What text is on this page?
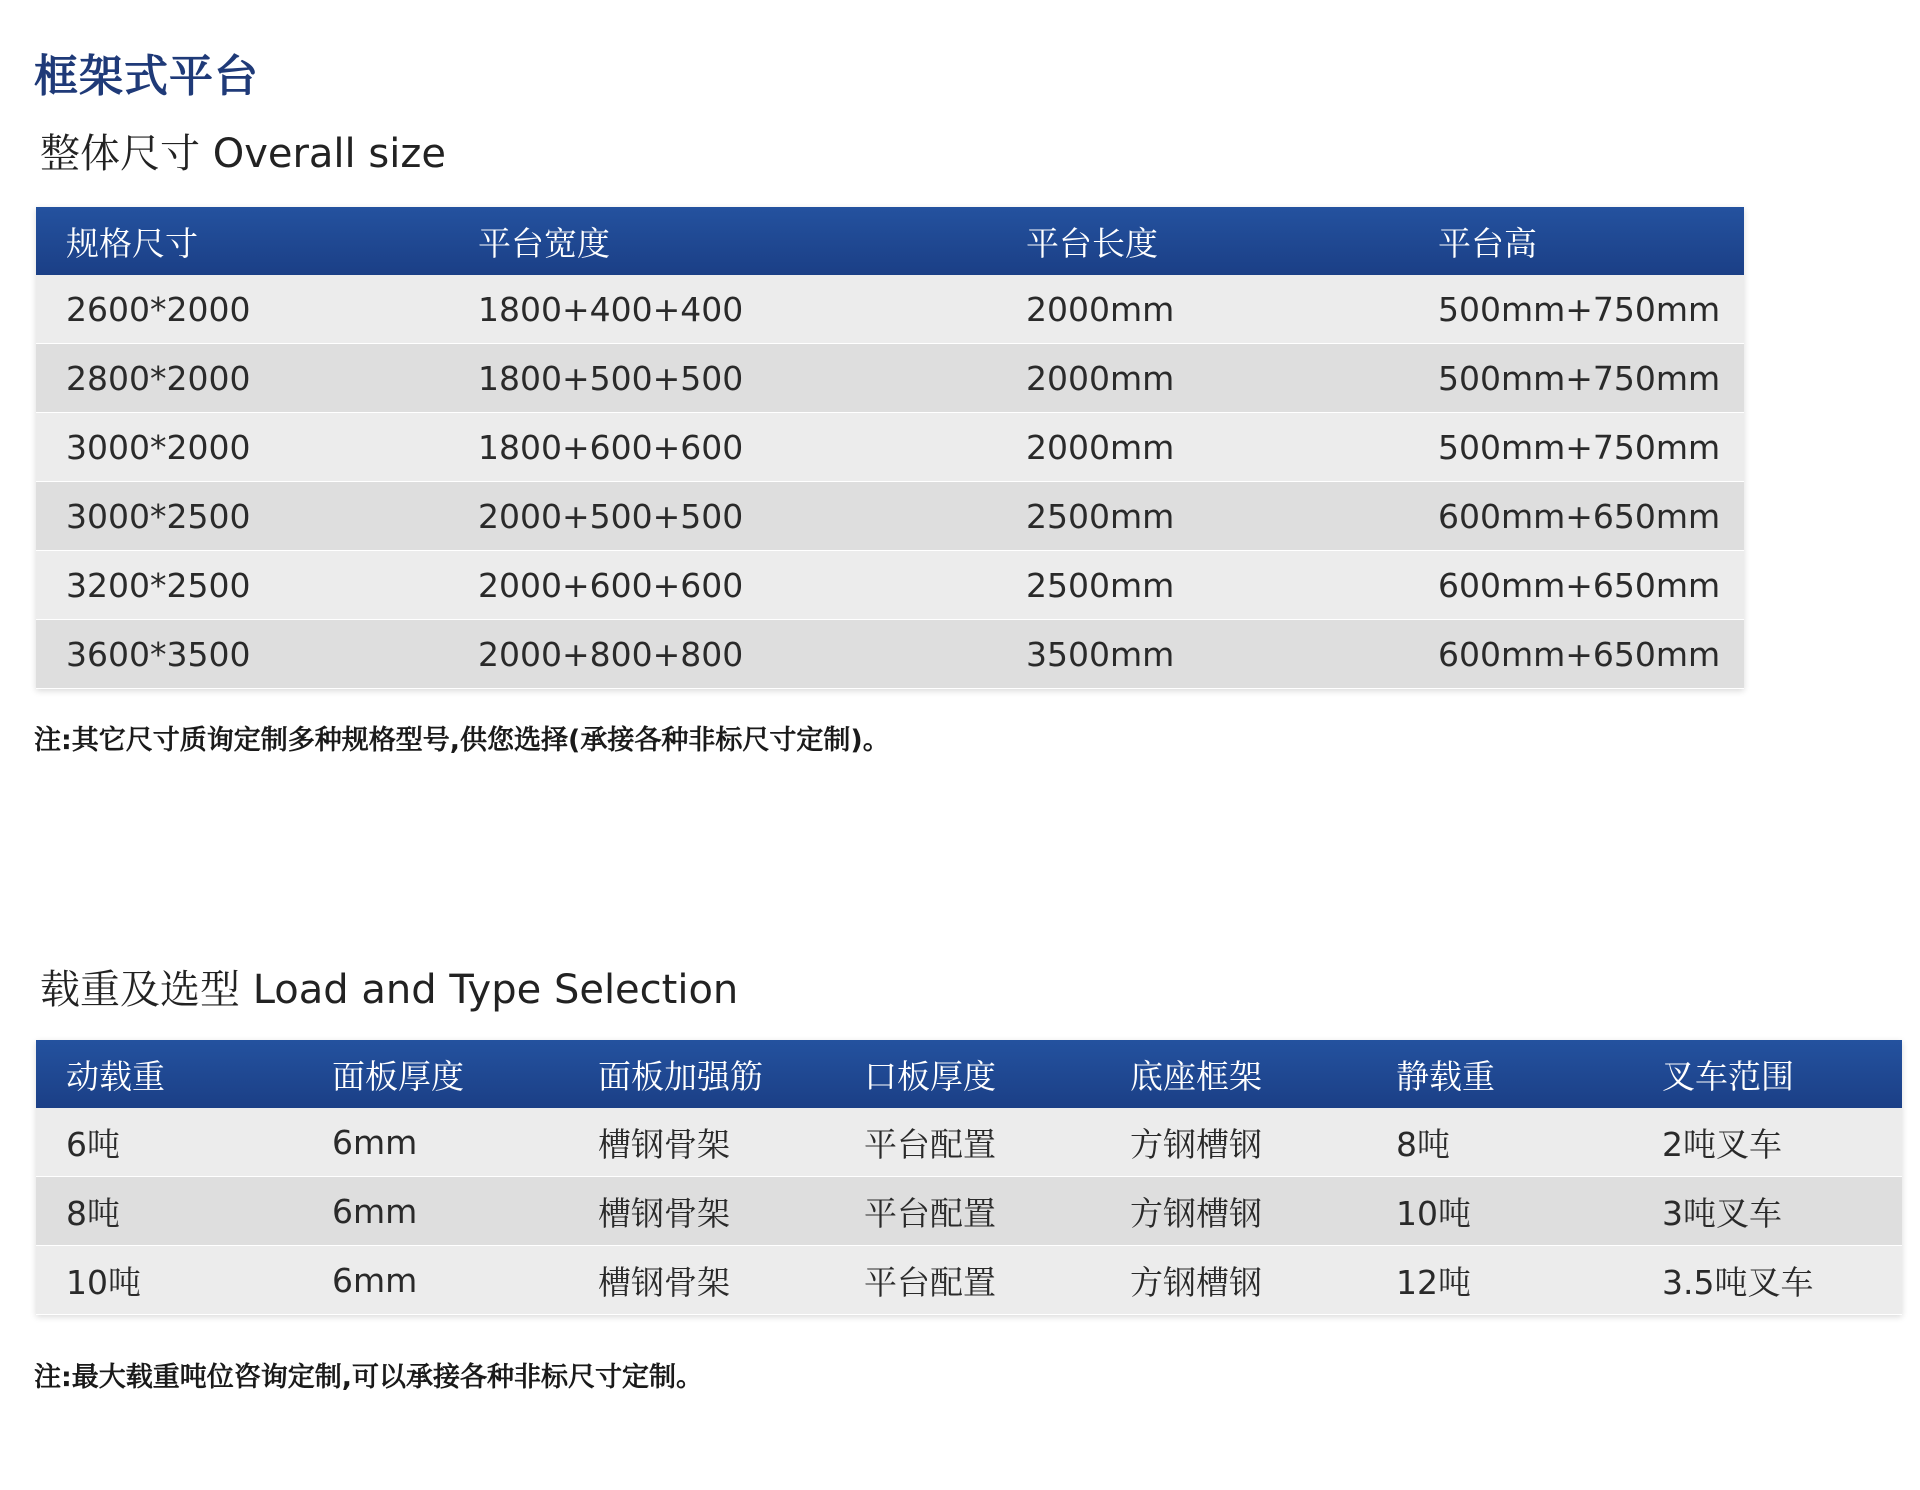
框架式平台
整体尺寸 Overall size
规格尺寸	平台宽度	平台长度	平台高
2600*2000	1800+400+400	2000mm	500mm+750mm
2800*2000	1800+500+500	2000mm	500mm+750mm
3000*2000	1800+600+600	2000mm	500mm+750mm
3000*2500	2000+500+500	2500mm	600mm+650mm
3200*2500	2000+600+600	2500mm	600mm+650mm
3600*3500	2000+800+800	3500mm	600mm+650mm
注:其它尺寸质询定制多种规格型号,供您选择(承接各种非标尺寸定制)。
载重及选型 Load and Type Selection
动载重	面板厚度	面板加强筋	口板厚度	底座框架	静载重	叉车范围
6吨	6mm	槽钢骨架	平台配置	方钢槽钢	8吨	2吨叉车
8吨	6mm	槽钢骨架	平台配置	方钢槽钢	10吨	3吨叉车
10吨	6mm	槽钢骨架	平台配置	方钢槽钢	12吨	3.5吨叉车
注:最大载重吨位咨询定制,可以承接各种非标尺寸定制。
